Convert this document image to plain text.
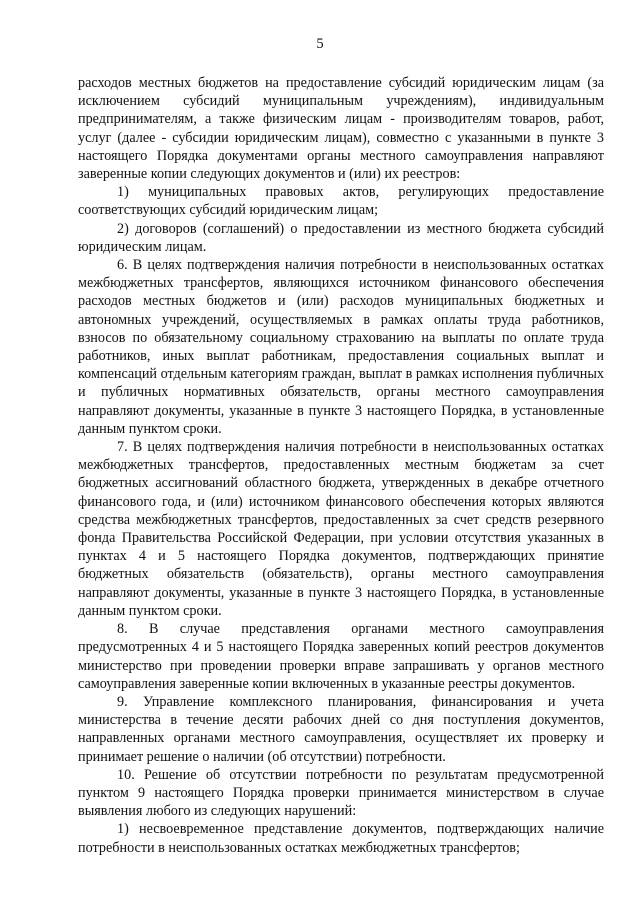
5

расходов местных бюджетов на предоставление субсидий юридическим лицам (за исключением субсидий муниципальным учреждениям), индивидуальным предпринимателям, а также физическим лицам - производителям товаров, работ, услуг (далее - субсидии юридическим лицам), совместно с указанными в пункте 3 настоящего Порядка документами органы местного самоуправления направляют заверенные копии следующих документов и (или) их реестров:

1) муниципальных правовых актов, регулирующих предоставление соответствующих субсидий юридическим лицам;

2) договоров (соглашений) о предоставлении из местного бюджета субсидий юридическим лицам.

6. В целях подтверждения наличия потребности в неиспользованных остатках межбюджетных трансфертов, являющихся источником финансового обеспечения расходов местных бюджетов и (или) расходов муниципальных бюджетных и автономных учреждений, осуществляемых в рамках оплаты труда работников, взносов по обязательному социальному страхованию на выплаты по оплате труда работников, иных выплат работникам, предоставления социальных выплат и компенсаций отдельным категориям граждан, выплат в рамках исполнения публичных и публичных нормативных обязательств, органы местного самоуправления направляют документы, указанные в пункте 3 настоящего Порядка, в установленные данным пунктом сроки.

7. В целях подтверждения наличия потребности в неиспользованных остатках межбюджетных трансфертов, предоставленных местным бюджетам за счет бюджетных ассигнований областного бюджета, утвержденных в декабре отчетного финансового года, и (или) источником финансового обеспечения которых являются средства межбюджетных трансфертов, предоставленных за счет средств резервного фонда Правительства Российской Федерации, при условии отсутствия указанных в пунктах 4 и 5 настоящего Порядка документов, подтверждающих принятие бюджетных обязательств (обязательств), органы местного самоуправления направляют документы, указанные в пункте 3 настоящего Порядка, в установленные данным пунктом сроки.

8. В случае представления органами местного самоуправления предусмотренных 4 и 5 настоящего Порядка заверенных копий реестров документов министерство при проведении проверки вправе запрашивать у органов местного самоуправления заверенные копии включенных в указанные реестры документов.

9. Управление комплексного планирования, финансирования и учета министерства в течение десяти рабочих дней со дня поступления документов, направленных органами местного самоуправления, осуществляет их проверку и принимает решение о наличии (об отсутствии) потребности.

10. Решение об отсутствии потребности по результатам предусмотренной пунктом 9 настоящего Порядка проверки принимается министерством в случае выявления любого из следующих нарушений:

1) несвоевременное представление документов, подтверждающих наличие потребности в неиспользованных остатках межбюджетных трансфертов;
